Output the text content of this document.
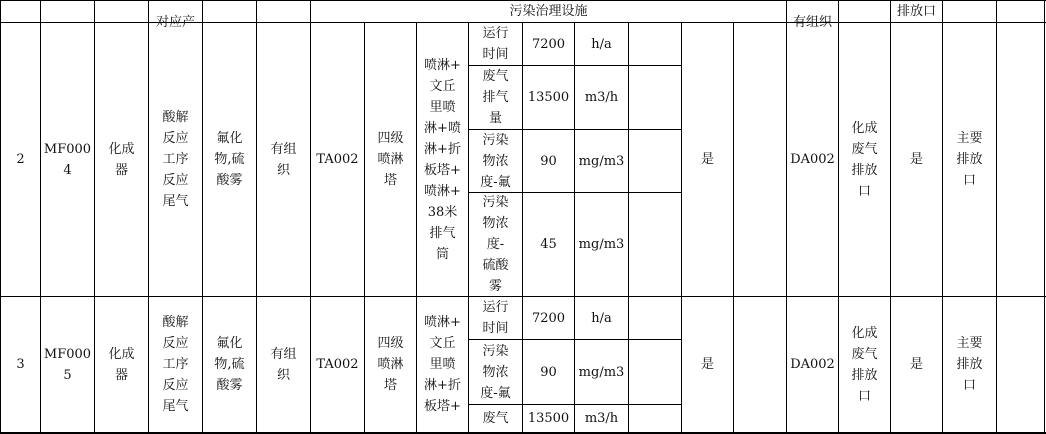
对应产
污染治理设施
有组织
排放口
2
MF000
4
化成
器
酸解
反应
工序
反应
尾气
氟化
物,硫
酸雾
有组
织
TA002
四级
喷淋
塔
喷淋+
文丘
里喷
淋+喷
淋+折
板塔+
喷淋+
38米
排气
筒
运行
时间
7200 h/a
废气
排气
量
13500 m3/h
污染
物浓
度-氟
90 mg/m3
污染
物浓
度-
硫酸
雾
45 mg/m3
是	DA002
化成
废气
排放
口
是
主要
排放
口
3
MF000
5
化成
器
酸解
反应
工序
反应
尾气
氟化
物,硫
酸雾
有组
织
TA002
四级
喷淋
塔
喷淋+
文丘
里喷
淋+折
板塔+
运行
时间
7200 h/a
污染
物浓
度-氟
90 mg/m3
废气 13500 m3/h
是	DA002
化成
废气
排放
口
是
主要
排放
口
